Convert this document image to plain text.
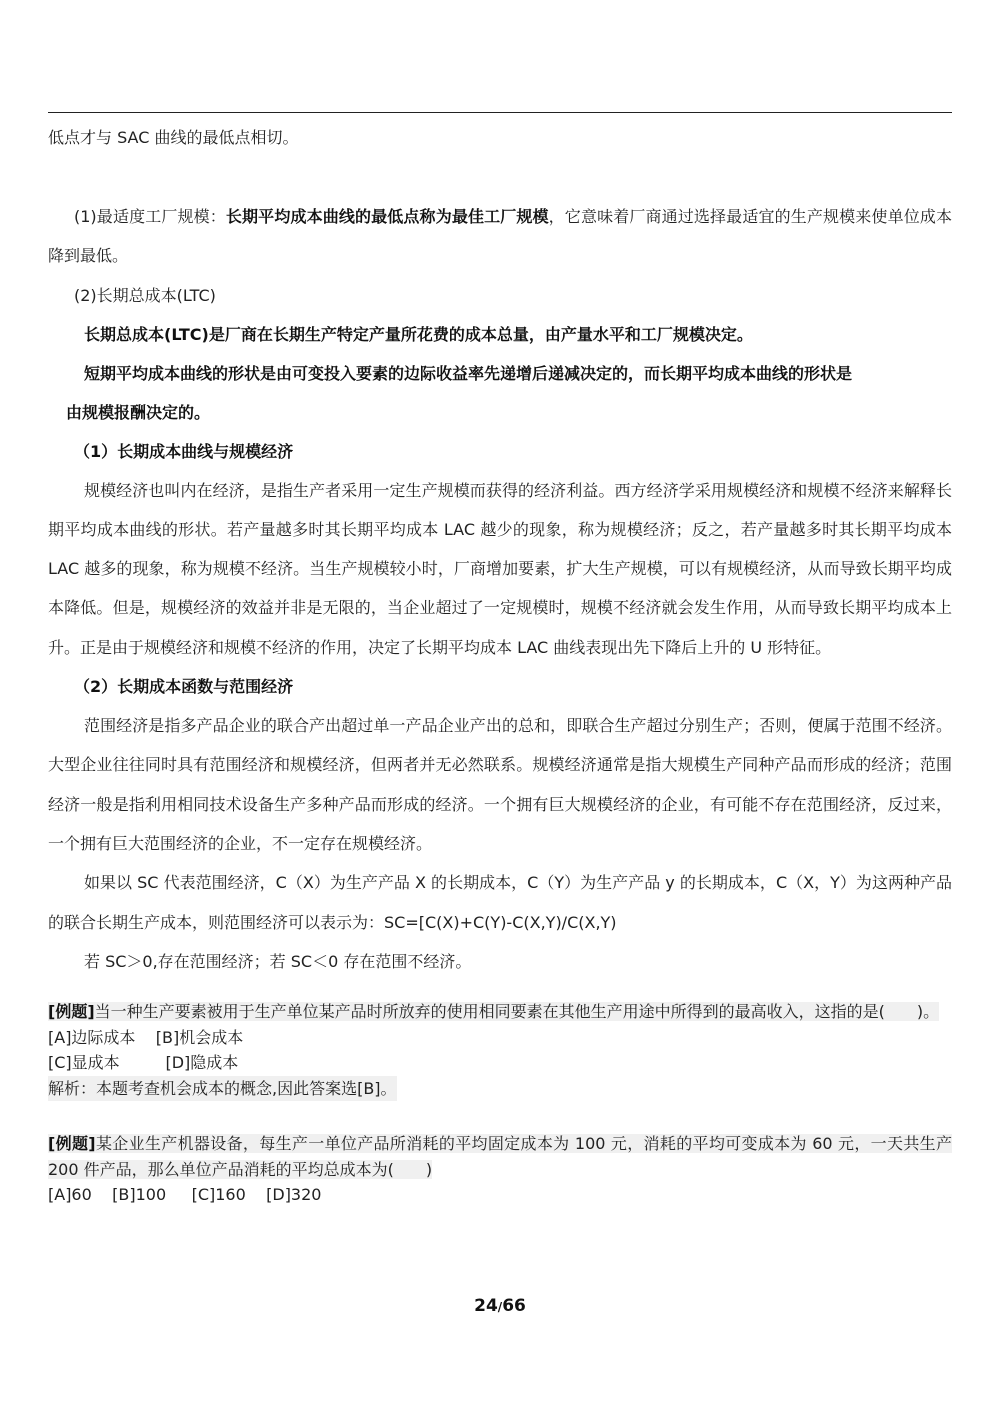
低点才与 SAC 曲线的最低点相切。

(1)最适度工厂规模：长期平均成本曲线的最低点称为最佳工厂规模，它意味着厂商通过选择最适宜的生产规模来使单位成本降到最低。

(2)长期总成本(LTC)
长期总成本(LTC)是厂商在长期生产特定产量所花费的成本总量，由产量水平和工厂规模决定。
短期平均成本曲线的形状是由可变投入要素的边际收益率先递增后递减决定的，而长期平均成本曲线的形状是
由规模报酬决定的。
（1）长期成本曲线与规模经济

规模经济也叫内在经济，是指生产者采用一定生产规模而获得的经济利益。西方经济学采用规模经济和规模不经济来解释长期平均成本曲线的形状。若产量越多时其长期平均成本 LAC 越少的现象，称为规模经济；反之，若产量越多时其长期平均成本 LAC 越多的现象，称为规模不经济。当生产规模较小时，厂商增加要素，扩大生产规模，可以有规模经济，从而导致长期平均成本降低。但是，规模经济的效益并非是无限的，当企业超过了一定规模时，规模不经济就会发生作用，从而导致长期平均成本上升。正是由于规模经济和规模不经济的作用，决定了长期平均成本 LAC 曲线表现出先下降后上升的 U 形特征。

（2）长期成本函数与范围经济

范围经济是指多产品企业的联合产出超过单一产品企业产出的总和，即联合生产超过分别生产；否则，便属于范围不经济。大型企业往往同时具有范围经济和规模经济，但两者并无必然联系。规模经济通常是指大规模生产同种产品而形成的经济；范围经济一般是指利用相同技术设备生产多种产品而形成的经济。一个拥有巨大规模经济的企业，有可能不存在范围经济，反过来，一个拥有巨大范围经济的企业，不一定存在规模经济。

如果以 SC 代表范围经济，C（X）为生产产品 X 的长期成本，C（Y）为生产产品 y 的长期成本，C（X，Y）为这两种产品的联合长期生产成本，则范围经济可以表示为：SC=[C(X)+C(Y)-C(X,Y)/C(X,Y)

若 SC＞0,存在范围经济；若 SC＜0 存在范围不经济。

[例题]当一种生产要素被用于生产单位某产品时所放弃的使用相同要素在其他生产用途中所得到的最高收入，这指的是(　　)。

[A]边际成本 [B]机会成本
[C]显成本	[D]隐成本
解析：本题考查机会成本的概念,因此答案选[B]。

[例题]某企业生产机器设备，每生产一单位产品所消耗的平均固定成本为 100 元，消耗的平均可变成本为 60 元，一天共生产 200 件产品，那么单位产品消耗的平均总成本为(　　)

[A]60 [B]100 [C]160 [D]320
24/66
